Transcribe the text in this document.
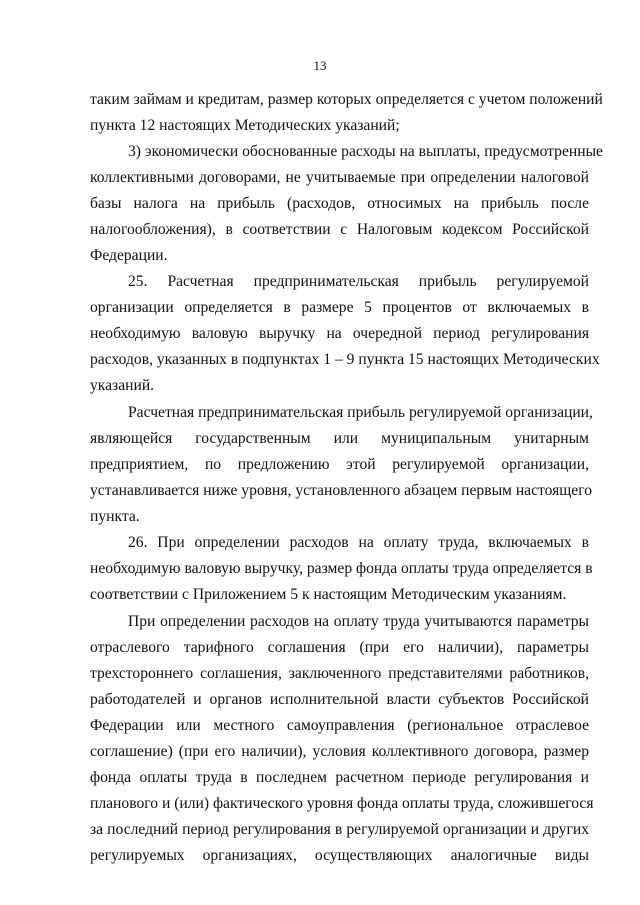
13
таким займам и кредитам, размер которых определяется с учетом положений
пункта 12 настоящих Методических указаний;
3) экономически обоснованные расходы на выплаты, предусмотренные
коллективными договорами, не учитываемые при определении налоговой
базы налога на прибыль (расходов, относимых на прибыль после
налогообложения), в соответствии с Налоговым кодексом Российской
Федерации.
25. Расчетная предпринимательская прибыль регулируемой
организации определяется в размере 5 процентов от включаемых в
необходимую валовую выручку на очередной период регулирования
расходов, указанных в подпунктах 1 – 9 пункта 15 настоящих Методических
указаний.
Расчетная предпринимательская прибыль регулируемой организации,
являющейся государственным или муниципальным унитарным
предприятием, по предложению этой регулируемой организации,
устанавливается ниже уровня, установленного абзацем первым настоящего
пункта.
26. При определении расходов на оплату труда, включаемых в
необходимую валовую выручку, размер фонда оплаты труда определяется в
соответствии с Приложением 5 к настоящим Методическим указаниям.
При определении расходов на оплату труда учитываются параметры
отраслевого тарифного соглашения (при его наличии), параметры
трехстороннего соглашения, заключенного представителями работников,
работодателей и органов исполнительной власти субъектов Российской
Федерации или местного самоуправления (региональное отраслевое
соглашение) (при его наличии), условия коллективного договора, размер
фонда оплаты труда в последнем расчетном периоде регулирования и
планового и (или) фактического уровня фонда оплаты труда, сложившегося
за последний период регулирования в регулируемой организации и других
регулируемых организациях, осуществляющих аналогичные виды
